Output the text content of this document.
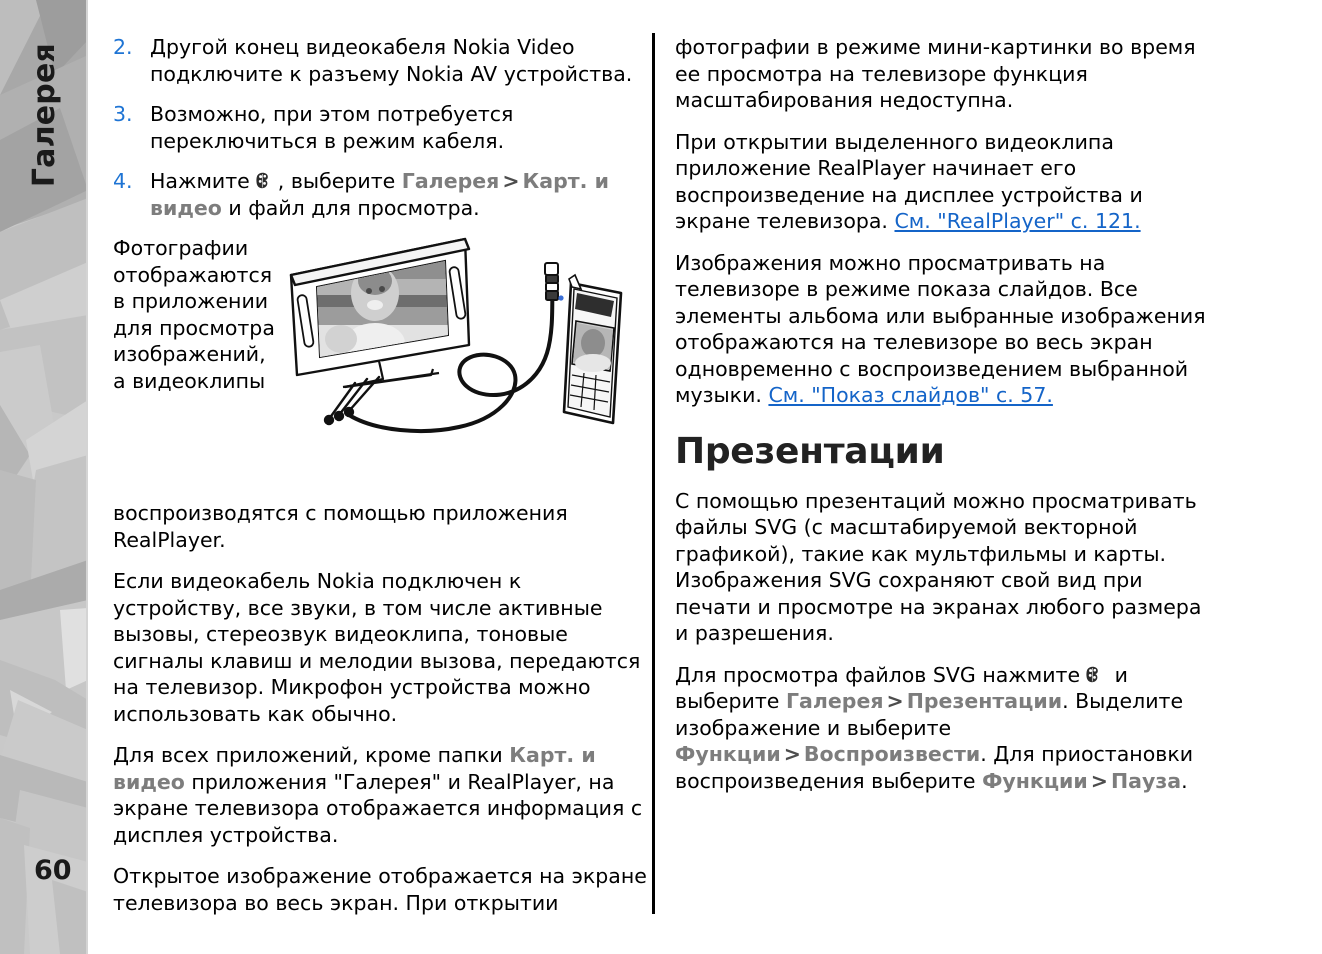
Галерея
60
2. Другой конец видеокабеля Nokia Video подключите к разъему Nokia AV устройства.
3. Возможно, при этом потребуется переключиться в режим кабеля.
4. Нажмите , выберите Галерея > Карт. и видео и файл для просмотра.

Фотографии отображаются в приложении для просмотра изображений, а видеоклипы

воспроизводятся с помощью приложения RealPlayer.

Если видеокабель Nokia подключен к устройству, все звуки, в том числе активные вызовы, стереозвук видеоклипа, тоновые сигналы клавиш и мелодии вызова, передаются на телевизор. Микрофон устройства можно использовать как обычно.

Для всех приложений, кроме папки Карт. и видео приложения "Галерея" и RealPlayer, на экране телевизора отображается информация с дисплея устройства.

Открытое изображение отображается на экране телевизора во весь экран. При открытии

фотографии в режиме мини-картинки во время ее просмотра на телевизоре функция масштабирования недоступна.

При открытии выделенного видеоклипа приложение RealPlayer начинает его воспроизведение на дисплее устройства и экране телевизора. См. "RealPlayer" с. 121.

Изображения можно просматривать на телевизоре в режиме показа слайдов. Все элементы альбома или выбранные изображения отображаются на телевизоре во весь экран одновременно с воспроизведением выбранной музыки. См. "Показ слайдов" с. 57.

Презентации

С помощью презентаций можно просматривать файлы SVG (с масштабируемой векторной графикой), такие как мультфильмы и карты. Изображения SVG сохраняют свой вид при печати и просмотре на экранах любого размера и разрешения.

Для просмотра файлов SVG нажмите и выберите Галерея > Презентации. Выделите изображение и выберите Функции > Воспроизвести. Для приостановки воспроизведения выберите Функции > Пауза.
